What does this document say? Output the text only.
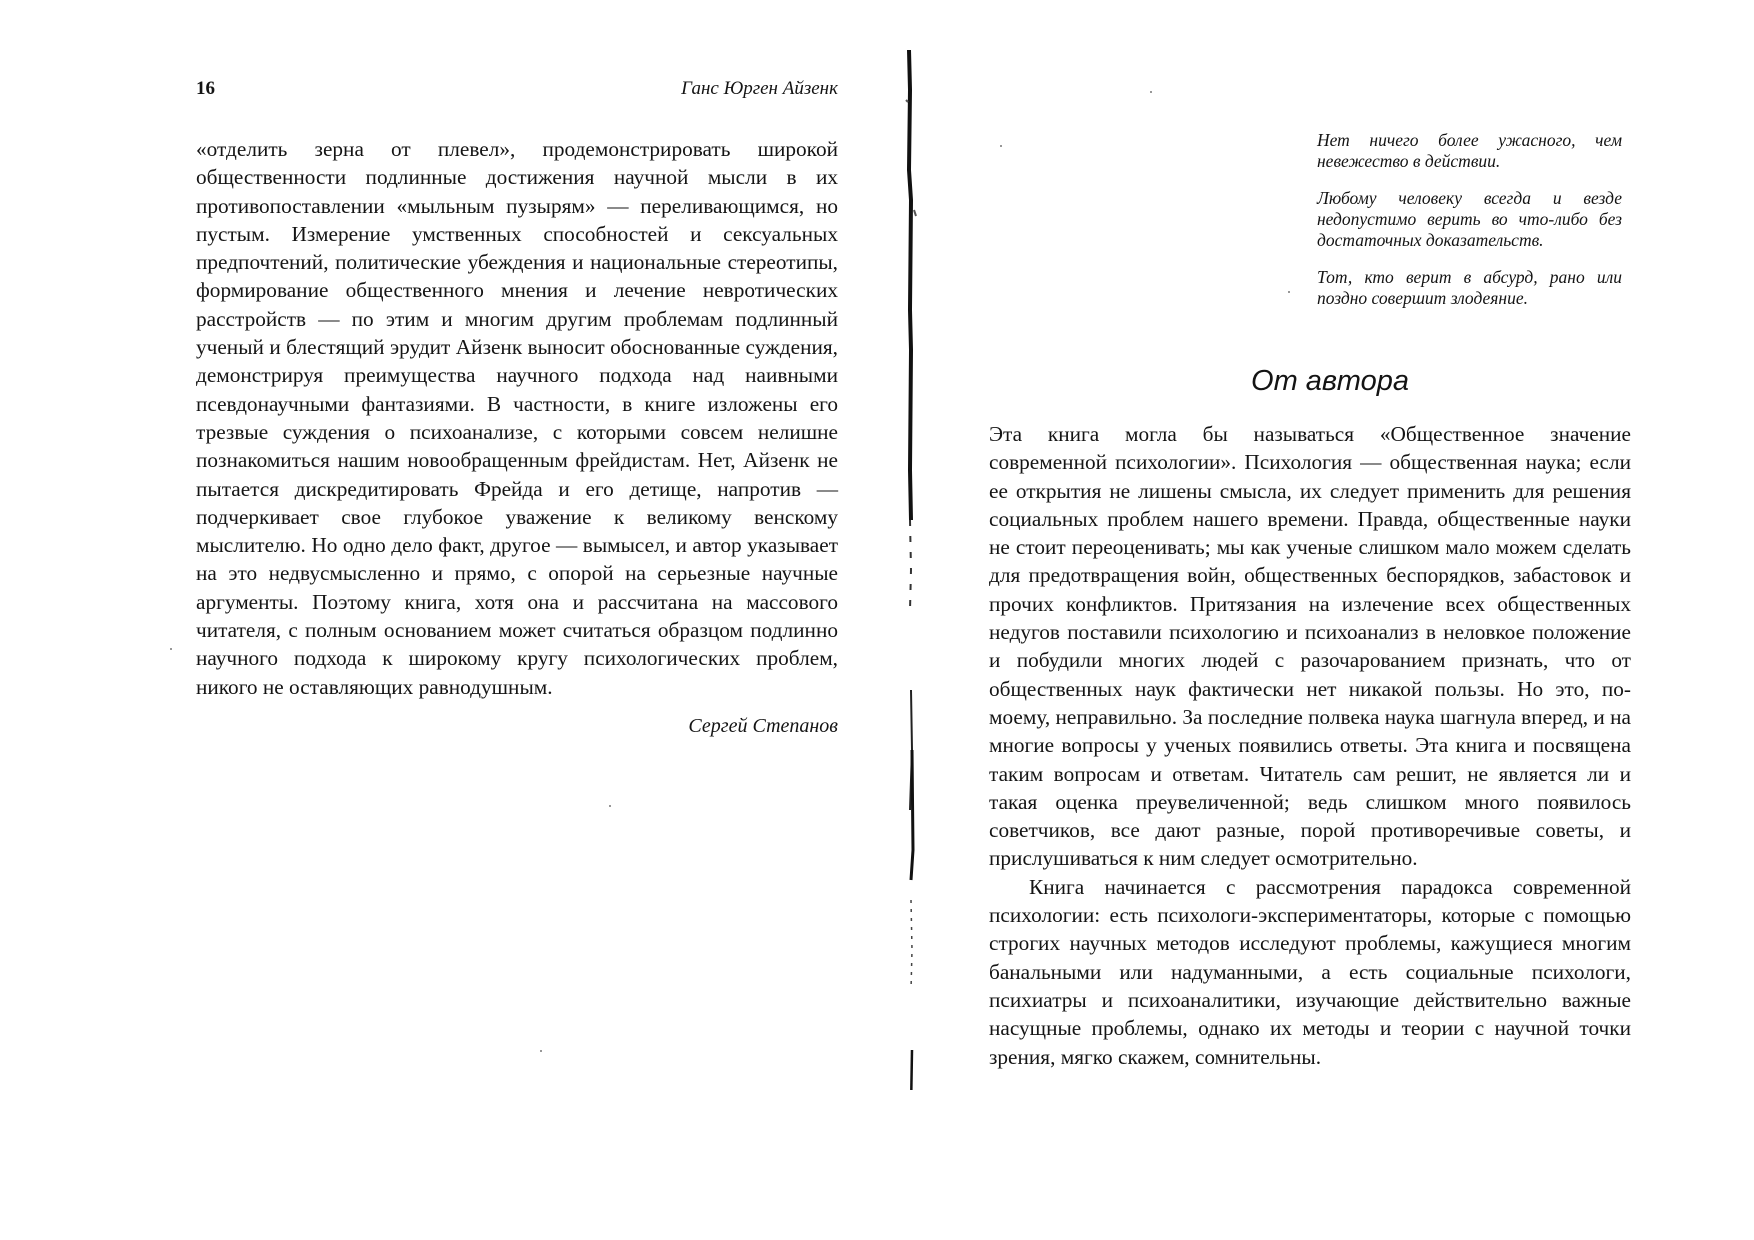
16	Ганс Юрген Айзенк

«отделить зерна от плевел», продемонстрировать широкой общественности подлинные достижения научной мысли в их противопоставлении «мыльным пузырям» — переливающимся, но пустым. Измерение умственных способностей и сексуальных предпочтений, политические убеждения и национальные стереотипы, формирование общественного мнения и лечение невротических расстройств — по этим и многим другим проблемам подлинный ученый и блестящий эрудит Айзенк выносит обоснованные суждения, демонстрируя преимущества научного подхода над наивными псевдонаучными фантазиями. В частности, в книге изложены его трезвые суждения о психоанализе, с которыми совсем нелишне познакомиться нашим новообращенным фрейдистам. Нет, Айзенк не пытается дискредитировать Фрейда и его детище, напротив — подчеркивает свое глубокое уважение к великому венскому мыслителю. Но одно дело факт, другое — вымысел, и автор указывает на это недвусмысленно и прямо, с опорой на серьезные научные аргументы. Поэтому книга, хотя она и рассчитана на массового читателя, с полным основанием может считаться образцом подлинно научного подхода к широкому кругу психологических проблем, никого не оставляющих равнодушным.

Сергей Степанов

Нет ничего более ужасного, чем невежество в действии.

Любому человеку всегда и везде недопустимо верить во что-либо без достаточных доказательств.

Тот, кто верит в абсурд, рано или поздно совершит злодеяние.

От автора

Эта книга могла бы называться «Общественное значение современной психологии». Психология — общественная наука; если ее открытия не лишены смысла, их следует применить для решения социальных проблем нашего времени. Правда, общественные науки не стоит переоценивать; мы как ученые слишком мало можем сделать для предотвращения войн, общественных беспорядков, забастовок и прочих конфликтов. Притязания на излечение всех общественных недугов поставили психологию и психоанализ в неловкое положение и побудили многих людей с разочарованием признать, что от общественных наук фактически нет никакой пользы. Но это, по-моему, неправильно. За последние полвека наука шагнула вперед, и на многие вопросы у ученых появились ответы. Эта книга и посвящена таким вопросам и ответам. Читатель сам решит, не является ли и такая оценка преувеличенной; ведь слишком много появилось советчиков, все дают разные, порой противоречивые советы, и прислушиваться к ним следует осмотрительно.

Книга начинается с рассмотрения парадокса современной психологии: есть психологи-экспериментаторы, которые с помощью строгих научных методов исследуют проблемы, кажущиеся многим банальными или надуманными, а есть социальные психологи, психиатры и психоаналитики, изучающие действительно важные насущные проблемы, однако их методы и теории с научной точки зрения, мягко скажем, сомнительны.
